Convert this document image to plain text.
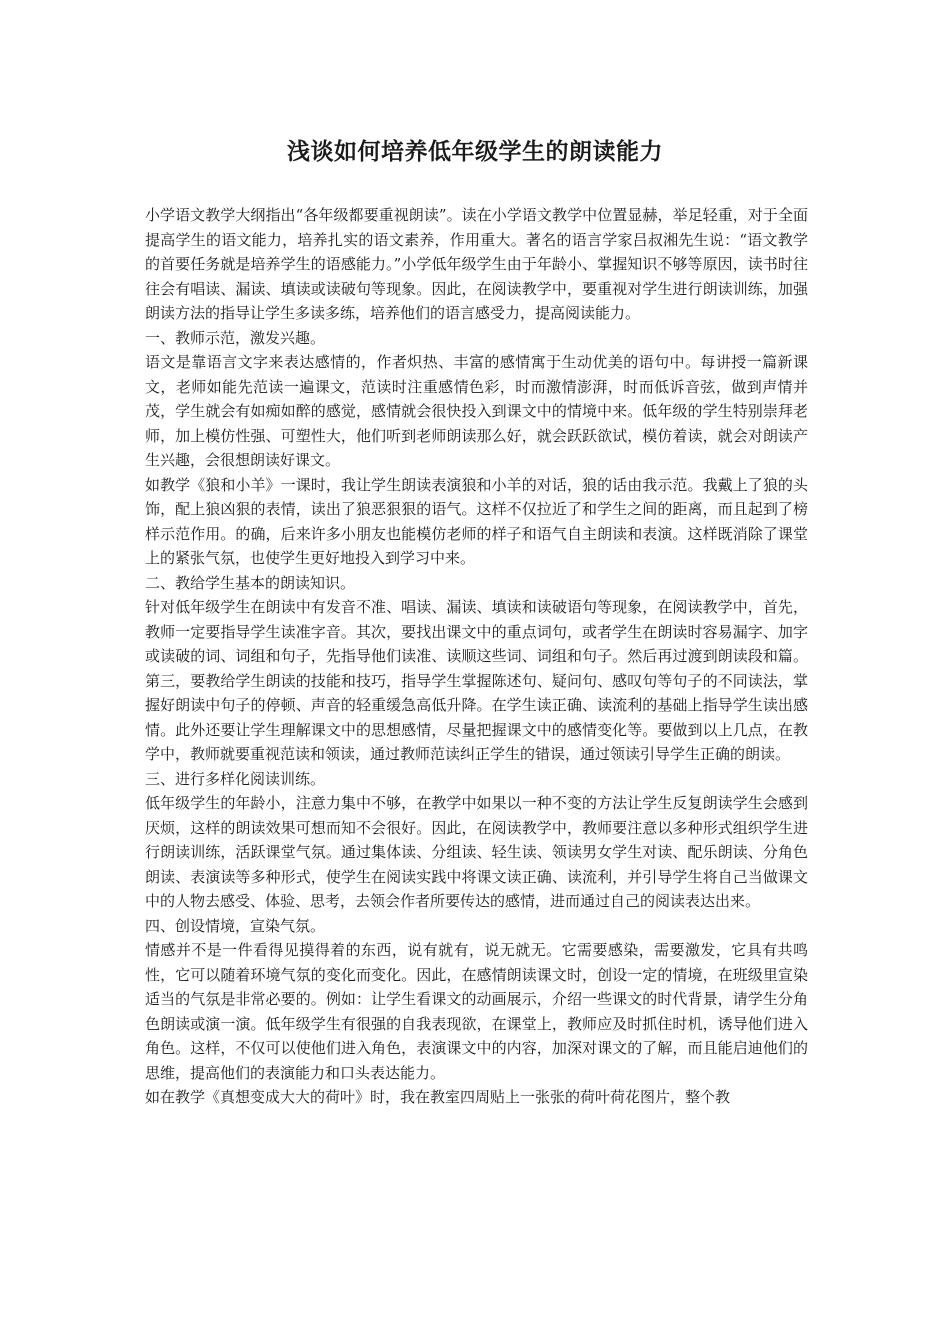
浅谈如何培养低年级学生的朗读能力

小学语文教学大纲指出“各年级都要重视朗读”。读在小学语文教学中位置显赫，举足轻重，对于全面提高学生的语文能力，培养扎实的语文素养，作用重大。著名的语言学家吕叔湘先生说：“语文教学的首要任务就是培养学生的语感能力。”小学低年级学生由于年龄小、掌握知识不够等原因，读书时往往会有唱读、漏读、填读或读破句等现象。因此，在阅读教学中，要重视对学生进行朗读训练，加强朗读方法的指导让学生多读多练，培养他们的语言感受力，提高阅读能力。

一、教师示范，激发兴趣。

语文是靠语言文字来表达感情的，作者炽热、丰富的感情寓于生动优美的语句中。每讲授一篇新课文，老师如能先范读一遍课文，范读时注重感情色彩，时而激情澎湃，时而低诉音弦，做到声情并茂，学生就会有如痴如醉的感觉，感情就会很快投入到课文中的情境中来。低年级的学生特别崇拜老师，加上模仿性强、可塑性大，他们听到老师朗读那么好，就会跃跃欲试，模仿着读，就会对朗读产生兴趣，会很想朗读好课文。

如教学《狼和小羊》一课时，我让学生朗读表演狼和小羊的对话，狼的话由我示范。我戴上了狼的头饰，配上狼凶狠的表情，读出了狼恶狠狠的语气。这样不仅拉近了和学生之间的距离，而且起到了榜样示范作用。的确，后来许多小朋友也能模仿老师的样子和语气自主朗读和表演。这样既消除了课堂上的紧张气氛，也使学生更好地投入到学习中来。

二、教给学生基本的朗读知识。

针对低年级学生在朗读中有发音不准、唱读、漏读、填读和读破语句等现象，在阅读教学中，首先，教师一定要指导学生读准字音。其次，要找出课文中的重点词句，或者学生在朗读时容易漏字、加字或读破的词、词组和句子，先指导他们读准、读顺这些词、词组和句子。然后再过渡到朗读段和篇。第三，要教给学生朗读的技能和技巧，指导学生掌握陈述句、疑问句、感叹句等句子的不同读法，掌握好朗读中句子的停顿、声音的轻重缓急高低升降。在学生读正确、读流利的基础上指导学生读出感情。此外还要让学生理解课文中的思想感情，尽量把握课文中的感情变化等。要做到以上几点，在教学中，教师就要重视范读和领读，通过教师范读纠正学生的错误，通过领读引导学生正确的朗读。

三、进行多样化阅读训练。

低年级学生的年龄小，注意力集中不够，在教学中如果以一种不变的方法让学生反复朗读学生会感到厌烦，这样的朗读效果可想而知不会很好。因此，在阅读教学中，教师要注意以多种形式组织学生进行朗读训练，活跃课堂气氛。通过集体读、分组读、轻生读、领读男女学生对读、配乐朗读、分角色朗读、表演读等多种形式，使学生在阅读实践中将课文读正确、读流利，并引导学生将自己当做课文中的人物去感受、体验、思考，去领会作者所要传达的感情，进而通过自己的阅读表达出来。

四、创设情境，宣染气氛。

情感并不是一件看得见摸得着的东西，说有就有，说无就无。它需要感染，需要激发，它具有共鸣性，它可以随着环境气氛的变化而变化。因此，在感情朗读课文时，创设一定的情境，在班级里宣染适当的气氛是非常必要的。例如：让学生看课文的动画展示，介绍一些课文的时代背景，请学生分角色朗读或演一演。低年级学生有很强的自我表现欲，在课堂上，教师应及时抓住时机，诱导他们进入角色。这样，不仅可以使他们进入角色，表演课文中的内容，加深对课文的了解，而且能启迪他们的思维，提高他们的表演能力和口头表达能力。

如在教学《真想变成大大的荷叶》时，我在教室四周贴上一张张的荷叶荷花图片，整个教
